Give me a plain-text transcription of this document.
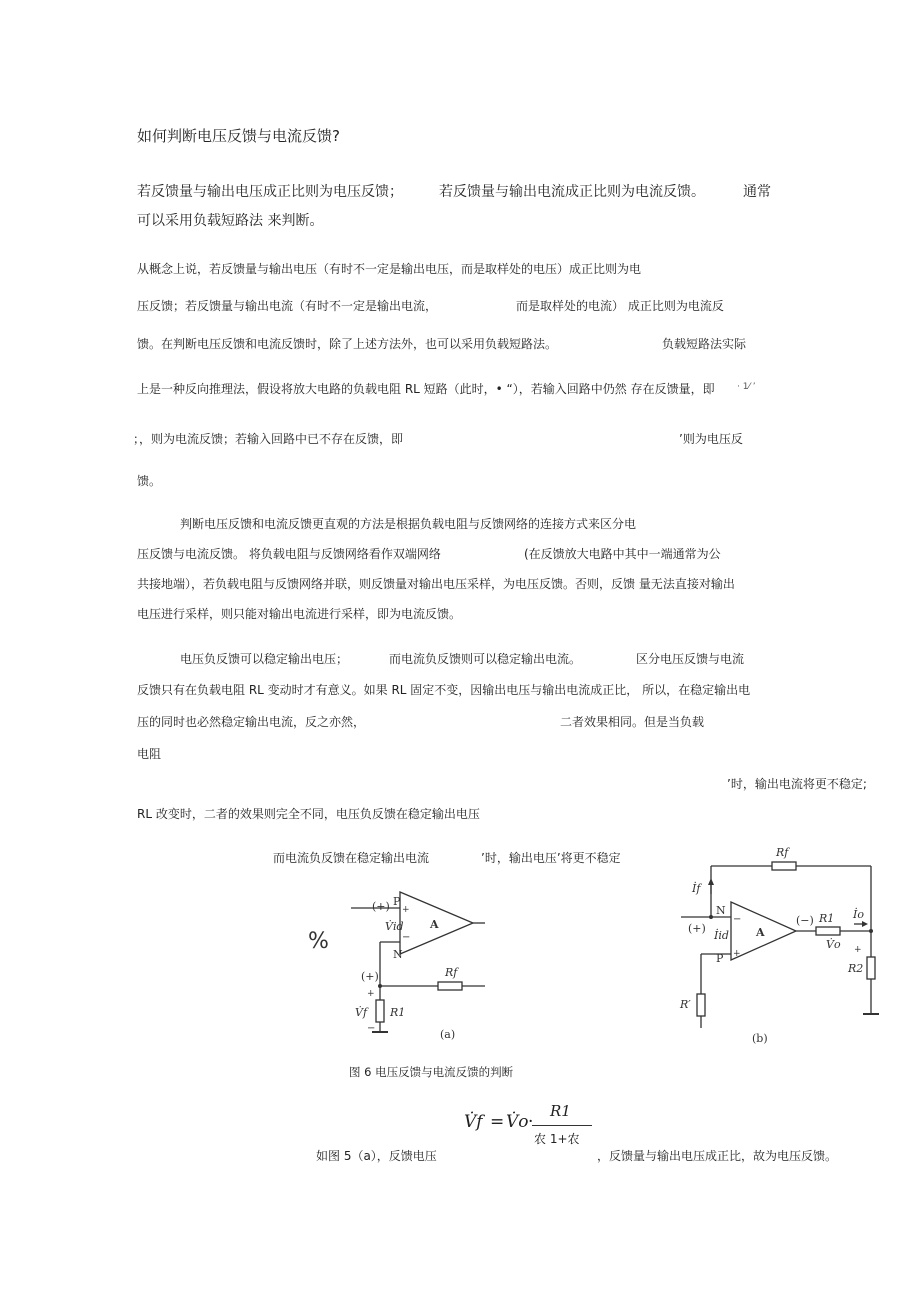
如何判断电压反馈与电流反馈?
若反馈量与输出电压成正比则为电压反馈；	若反馈量与输出电流成正比则为电流反馈。	通常
可以采用负载短路法 来判断。
从概念上说，若反馈量与输出电压（有时不一定是输出电压，而是取样处的电压）成正比则为电
压反馈；若反馈量与输出电流（有时不一定是输出电流，	而是取样处的电流） 成正比则为电流反
馈。在判断电压反馈和电流反馈时，除了上述方法外，也可以采用负载短路法。	负载短路法实际
上是一种反向推理法，假设将放大电路的负载电阻 RL 短路（此时，• “），若输入回路中仍然 存在反馈量，即 · 1⁄ ’
；，则为电流反馈；若输入回路中已不存在反馈，即	’则为电压反
馈。
判断电压反馈和电流反馈更直观的方法是根据负载电阻与反馈网络的连接方式来区分电
压反馈与电流反馈。 将负载电阻与反馈网络看作双端网络	(在反馈放大电路中其中一端通常为公
共接地端），若负载电阻与反馈网络并联，则反馈量对输出电压采样，为电压反馈。否则，反馈 量无法直接对输出
电压进行采样，则只能对输出电流进行采样，即为电流反馈。
电压负反馈可以稳定输出电压；	而电流负反馈则可以稳定输出电流。	区分电压反馈与电流
反馈只有在负载电阻 RL 变动时才有意义。如果 RL 固定不变，因输出电压与输出电流成正比， 所以，在稳定输出电
压的同时也必然稳定输出电流，反之亦然，	二者效果相同。但是当负载
电阻
’时，输出电流将更不稳定;
RL 改变时，二者的效果则完全不同，电压负反馈在稳定输出电压
而电流负反馈在稳定输出电流	’时，输出电压’将更不稳定
%
(+) P
+
V̇id A
−
N
(+)	Rf
+
V̇f
−
R1
(a)
Rf
İf
N
−
(+)
İid A
(−) R1 İo
V̇o +
P +
R2
R′
(b)
图 6 电压反馈与电流反馈的判断
V̇f = V̇o ·
R1
农 1+农
如图 5（a），反馈电压	，反馈量与输出电压成正比，故为电压反馈。
